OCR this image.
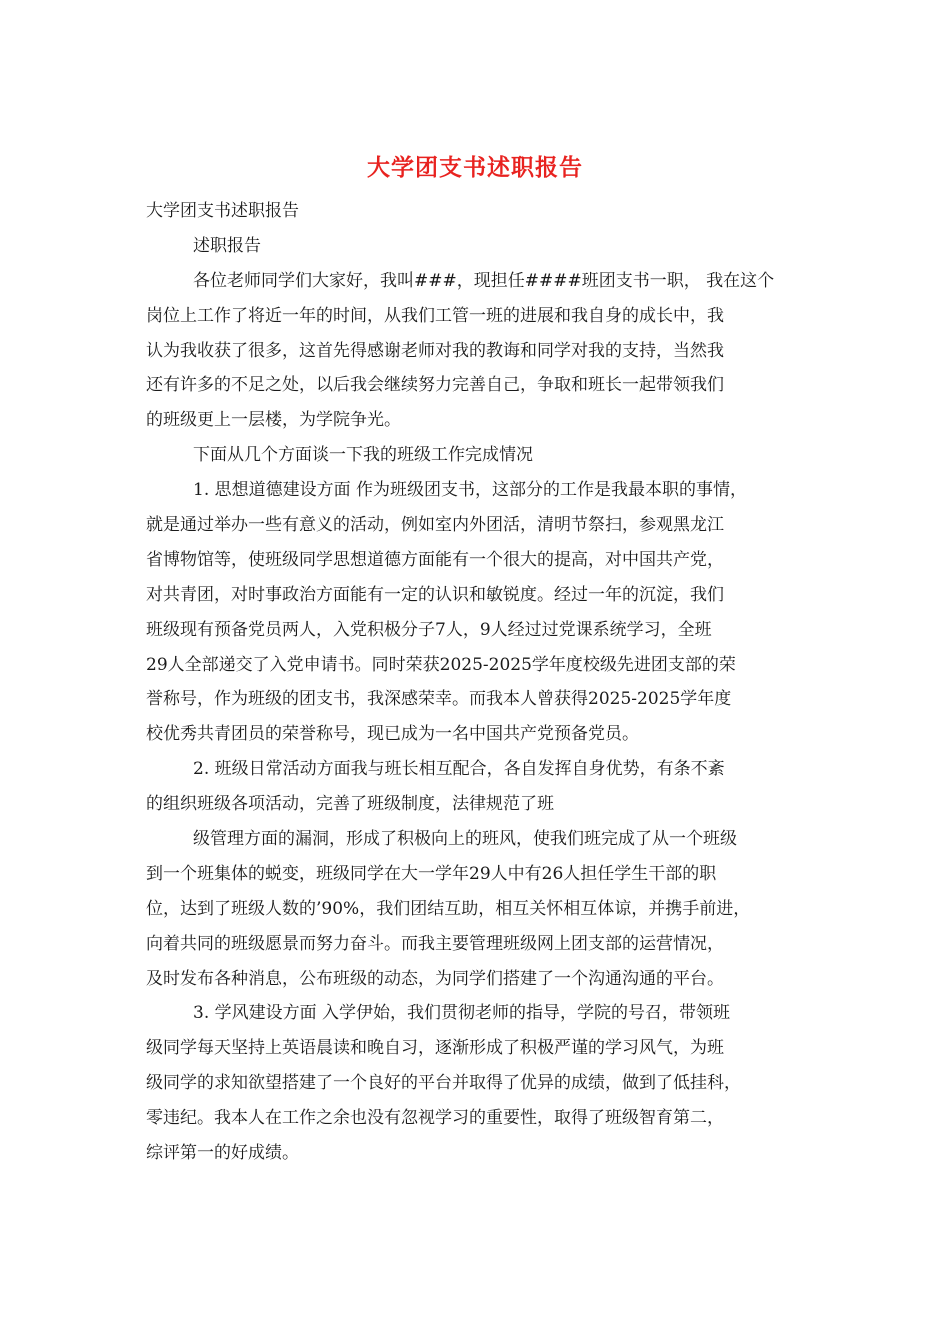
大学团支书述职报告
大学团支书述职报告
述职报告
各位老师同学们大家好，我叫###，现担任####班团支书一职， 我在这个
岗位上工作了将近一年的时间，从我们工管一班的进展和我自身的成长中，我
认为我收获了很多，这首先得感谢老师对我的教诲和同学对我的支持，当然我
还有许多的不足之处，以后我会继续努力完善自己，争取和班长一起带领我们
的班级更上一层楼，为学院争光。
下面从几个方面谈一下我的班级工作完成情况
1. 思想道德建设方面 作为班级团支书，这部分的工作是我最本职的事情，
就是通过举办一些有意义的活动，例如室内外团活，清明节祭扫，参观黑龙江
省博物馆等，使班级同学思想道德方面能有一个很大的提高，对中国共产党，
对共青团，对时事政治方面能有一定的认识和敏锐度。经过一年的沉淀，我们
班级现有预备党员两人，入党积极分子7人，9人经过过党课系统学习，全班
29人全部递交了入党申请书。同时荣获2025-2025学年度校级先进团支部的荣
誉称号，作为班级的团支书，我深感荣幸。而我本人曾获得2025-2025学年度
校优秀共青团员的荣誉称号，现已成为一名中国共产党预备党员。
2. 班级日常活动方面我与班长相互配合，各自发挥自身优势，有条不紊
的组织班级各项活动，完善了班级制度，法律规范了班
级管理方面的漏洞，形成了积极向上的班风，使我们班完成了从一个班级
到一个班集体的蜕变，班级同学在大一学年29人中有26人担任学生干部的职
位，达到了班级人数的’90%，我们团结互助，相互关怀相互体谅，并携手前进，
向着共同的班级愿景而努力奋斗。而我主要管理班级网上团支部的运营情况，
及时发布各种消息，公布班级的动态，为同学们搭建了一个沟通沟通的平台。
3. 学风建设方面 入学伊始，我们贯彻老师的指导，学院的号召，带领班
级同学每天坚持上英语晨读和晚自习，逐渐形成了积极严谨的学习风气，为班
级同学的求知欲望搭建了一个良好的平台并取得了优异的成绩，做到了低挂科，
零违纪。我本人在工作之余也没有忽视学习的重要性，取得了班级智育第二，
综评第一的好成绩。
